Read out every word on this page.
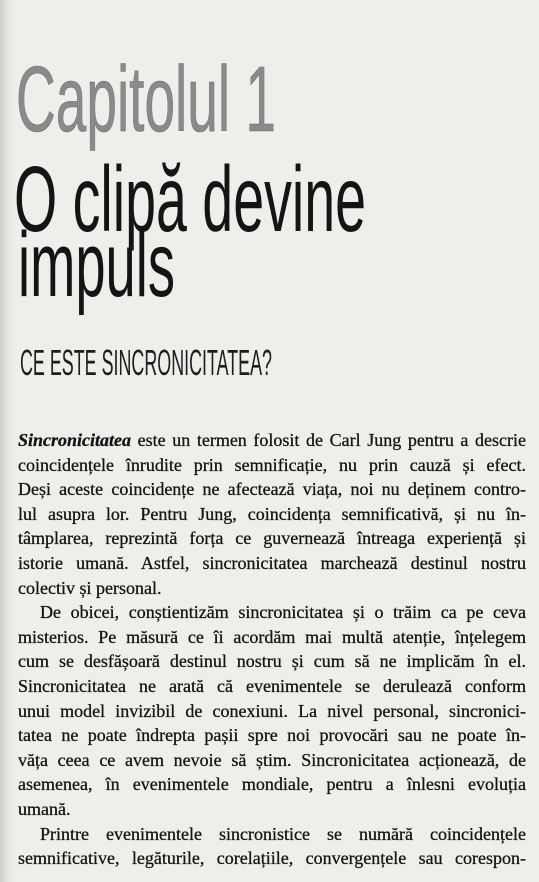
Capitolul 1
O clipă devine
impuls
CE ESTE SINCRONICITATEA?
Sincronicitatea este un termen folosit de Carl Jung pentru a descrie
coincidențele înrudite prin semnificație, nu prin cauză și efect.
Deși aceste coincidențe ne afectează viața, noi nu deținem contro-
lul asupra lor. Pentru Jung, coincidența semnificativă, și nu în-
tâmplarea, reprezintă forța ce guvernează întreaga experiență și
istorie umană. Astfel, sincronicitatea marchează destinul nostru
colectiv și personal.
De obicei, conștientizăm sincronicitatea și o trăim ca pe ceva
misterios. Pe măsură ce îi acordăm mai multă atenție, înțelegem
cum se desfășoară destinul nostru și cum să ne implicăm în el.
Sincronicitatea ne arată că evenimentele se derulează conform
unui model invizibil de conexiuni. La nivel personal, sincronici-
tatea ne poate îndrepta pașii spre noi provocări sau ne poate în-
văța ceea ce avem nevoie să știm. Sincronicitatea acționează, de
asemenea, în evenimentele mondiale, pentru a înlesni evoluția
umană.
Printre evenimentele sincronistice se numără coincidențele
semnificative, legăturile, corelațiile, convergențele sau corespon-
